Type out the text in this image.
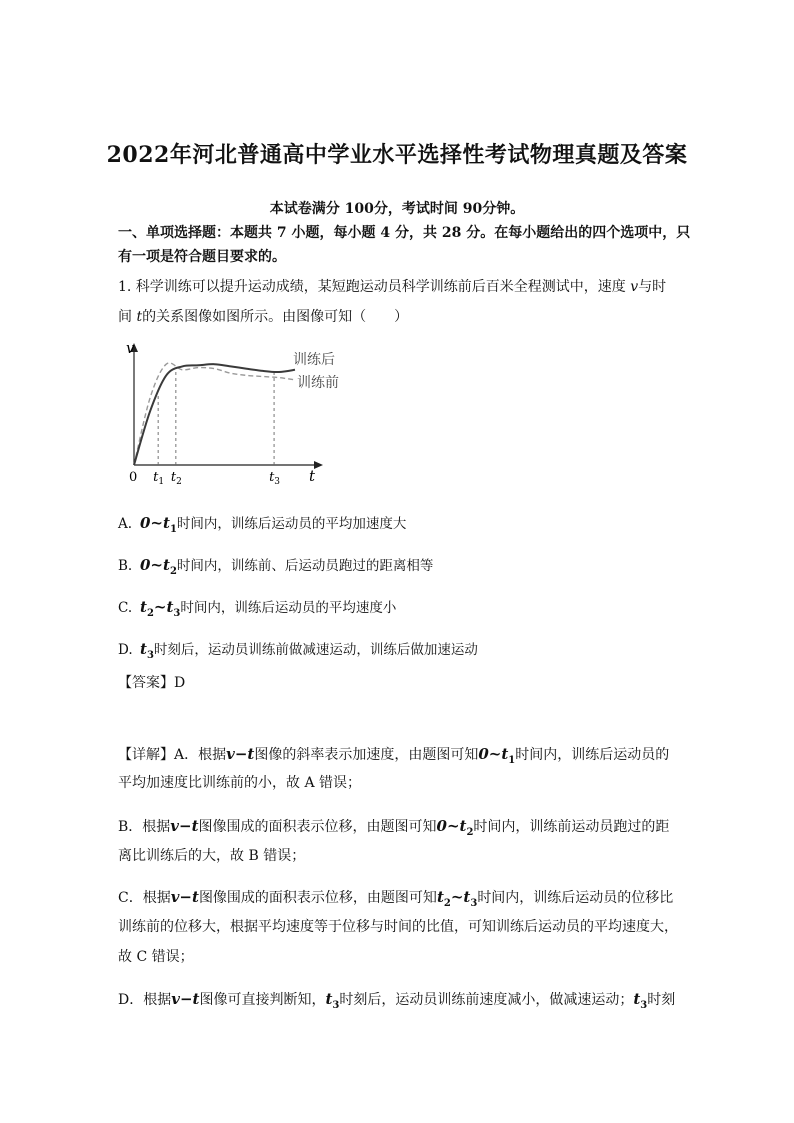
2022年河北普通高中学业水平选择性考试物理真题及答案
本试卷满分 100分，考试时间 90分钟。
一、单项选择题：本题共 7 小题，每小题 4 分，共 28 分。在每小题给出的四个选项中，只
有一项是符合题目要求的。
1. 科学训练可以提升运动成绩，某短跑运动员科学训练前后百米全程测试中，速度 v与时
间 t的关系图像如图所示。由图像可知（　　）
v
t
0 $t_1$ $t_2$	$t_3$
训练后
训练前
A. $0\sim t_1$时间内，训练后运动员的平均加速度大
B. $0\sim t_2$时间内，训练前、后运动员跑过的距离相等
C. $t_2\sim t_3$时间内，训练后运动员的平均速度小
D. $t_3$时刻后，运动员训练前做减速运动，训练后做加速运动
【答案】D
【详解】A．根据v−t图像的斜率表示加速度，由题图可知$0\sim t_1$时间内，训练后运动员的
平均加速度比训练前的小，故 A 错误；
B．根据v−t图像围成的面积表示位移，由题图可知$0\sim t_2$时间内，训练前运动员跑过的距
离比训练后的大，故 B 错误；
C．根据v−t图像围成的面积表示位移，由题图可知$t_2\sim t_3$时间内，训练后运动员的位移比
训练前的位移大，根据平均速度等于位移与时间的比值，可知训练后运动员的平均速度大，
故 C 错误；
D．根据v−t图像可直接判断知，$t_3$时刻后，运动员训练前速度减小，做减速运动；$t_3$时刻
